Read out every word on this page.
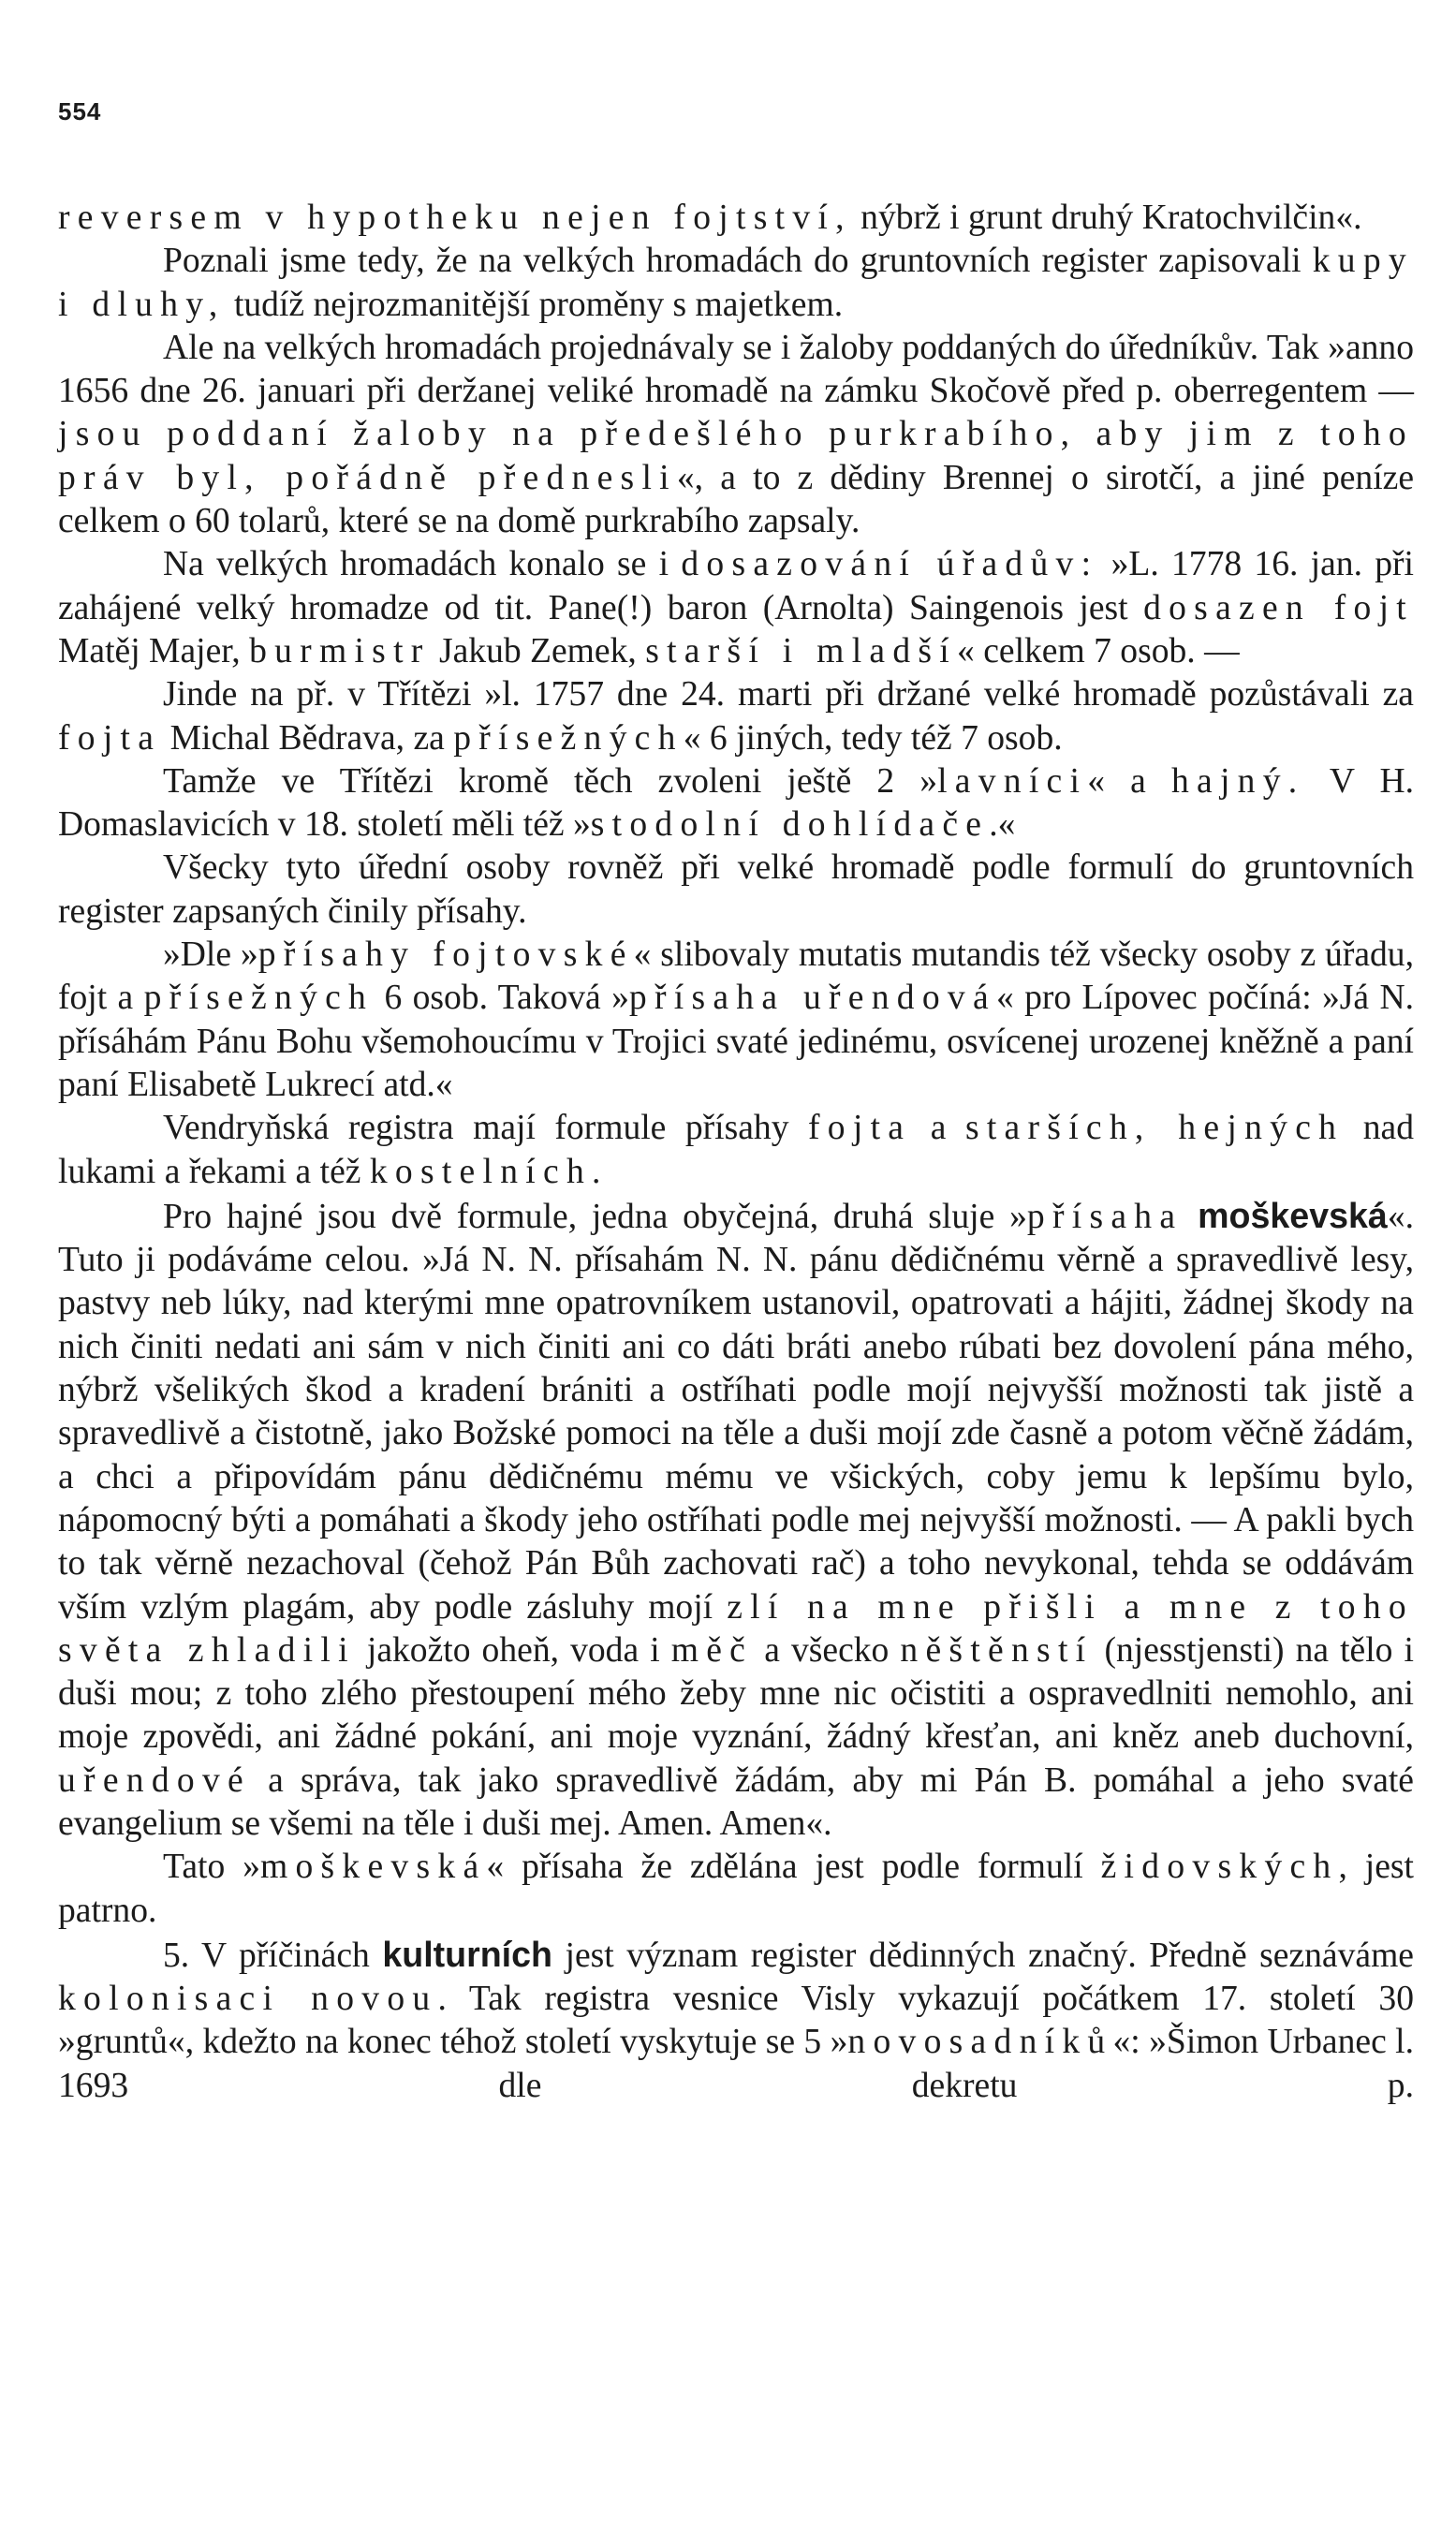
554

reversem v hypotheku nejen fojtství, nýbrž i grunt druhý Kratochvilčin«.

Poznali jsme tedy, že na velkých hromadách do gruntovních register zapisovali kupy i dluhy, tudíž nejrozmanitější proměny s majetkem.

Ale na velkých hromadách projednávaly se i žaloby poddaných do úředníkův. Tak »anno 1656 dne 26. januari při deržanej veliké hromadě na zámku Skočově před p. oberregentem — jsou poddaní žaloby na předešlého purkrabího, aby jim z toho práv byl, pořádně přednesli«, a to z dědiny Brennej o sirotčí, a jiné peníze celkem o 60 tolarů, které se na domě purkrabího zapsaly.

Na velkých hromadách konalo se i dosazování úřadův: »L. 1778 16. jan. při zahájené velký hromadze od tit. Pane(!) baron (Arnolta) Saingenois jest dosazen fojt Matěj Majer, burmistr Jakub Zemek, starší i mladší« celkem 7 osob. —

Jinde na př. v Třítězi »l. 1757 dne 24. marti při držané velké hromadě pozůstávali za fojta Michal Bědrava, za přísežných« 6 jiných, tedy též 7 osob.

Tamže ve Třítězi kromě těch zvoleni ještě 2 »lavníci« a hajný. V H. Domaslavicích v 18. století měli též »stodolní dohlídače.«

Všecky tyto úřední osoby rovněž při velké hromadě podle formulí do gruntovních register zapsaných činily přísahy.

»Dle »přísahy fojtovské« slibovaly mutatis mutandis též všecky osoby z úřadu, fojt a přísežných 6 osob. Taková »přísaha uřendová« pro Lípovec počíná: »Já N. přísáhám Pánu Bohu všemohoucímu v Trojici svaté jedinému, osvícenej urozenej kněžně a paní paní Elisabetě Lukrecí atd.«

Vendryňská registra mají formule přísahy fojta a starších, hejných nad lukami a řekami a též kostelních.

Pro hajné jsou dvě formule, jedna obyčejná, druhá sluje »přísaha moškevská«. Tuto ji podáváme celou. »Já N. N. přísahám N. N. pánu dědičnému věrně a spravedlivě lesy, pastvy neb lúky, nad kterými mne opatrovníkem ustanovil, opatrovati a hájiti, žádnej škody na nich činiti nedati ani sám v nich činiti ani co dáti bráti anebo rúbati bez dovolení pána mého, nýbrž všelikých škod a kradení brániti a ostříhati podle mojí nejvyšší možnosti tak jistě a spravedlivě a čistotně, jako Božské pomoci na těle a duši mojí zde časně a potom věčně žádám, a chci a připovídám pánu dědičnému mému ve všických, coby jemu k lepšímu bylo, nápomocný býti a pomáhati a škody jeho ostříhati podle mej nejvyšší možnosti. — A pakli bych to tak věrně nezachoval (čehož Pán Bůh zachovati rač) a toho nevykonal, tehda se oddávám vším vzlým plagám, aby podle zásluhy mojí zlí na mne přišli a mne z toho světa zhladili jakožto oheň, voda i měč a všecko něštěnstí (njesstjensti) na tělo i duši mou; z toho zlého přestoupení mého žeby mne nic očistiti a ospravedlniti nemohlo, ani moje zpovědi, ani žádné pokání, ani moje vyznání, žádný křesťan, ani kněz aneb duchovní, uřendové a správa, tak jako spravedlivě žádám, aby mi Pán B. pomáhal a jeho svaté evangelium se všemi na těle i duši mej. Amen. Amen«.

Tato »moškevská« přísaha že zdělána jest podle formulí židovských, jest patrno.

5. V příčinách kulturních jest význam register dědinných značný. Předně seznáváme kolonisaci novou. Tak registra vesnice Visly vykazují počátkem 17. století 30 »gruntů«, kdežto na konec téhož století vyskytuje se 5 »novosadníků«: »Šimon Urbanec l. 1693 dle dekretu p.
